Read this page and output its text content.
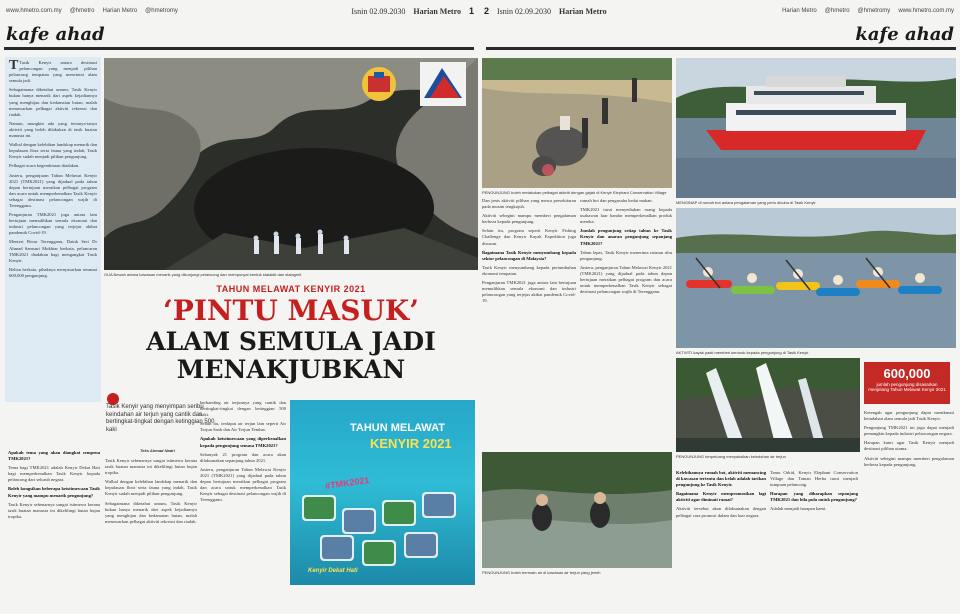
www.hmetro.com.my @hmetro Harian Metro @hmetromy	Isnin 02.09.2030 Harian Metro 1 2 Isnin 02.09.2030 Harian Metro	Harian Metro @hmetro @hmetromy www.hmetro.com.my
kafe ahad	kafe ahad

T Tasik Kenyir antara destinasi pelancongan yang menjadi pilihan pelancong tempatan yang mencintai alam semula jadi.

Sebagaimana diketahui umum, Tasik Kenyir bukan hanya menarik dari aspek kejadiannya yang menghijau dan kedamaian hutan, malah menawarkan pelbagai aktiviti rekreasi dan riadah.

Namun, mungkin ada yang tertanya-tanya aktiviti yang boleh dilakukan di tasik buatan manusia ini.

Walhal dengan kelebihan landskap menarik dan kepulauan flora serta fauna yang indah, Tasik Kenyir sudah menjadi pilihan pengunjung.

Pelbagai acara kegembiraan diadakan.

Justeru, penganjuran Tahun Melawat Kenyir 2021 (TMK2021) yang dijadual pada tahun depan bertujuan meraikan pelbagai program dan acara untuk memperkenalkan Tasik Kenyir sebagai destinasi pelancongan wajib di Terengganu.

Penganjuran TMK2021 juga antara lain bertujuan memulihkan semula ekonomi dan industri pelancongan yang terjejas akibat pandemik Covid-19.

Menteri Besar Terengganu, Datuk Seri Dr Ahmad Samsuri Mokhtar berkata, pelancaran TMK2021 diadakan bagi mengangkat Tasik Kenyir.

Beliau berkata, pihaknya menyasarkan seramai 600,000 pengunjung.

Apakah tema yang akan diangkat sempena TMK2021?

Tema bagi TMK2021 adalah Kenyir Dekat Hati bagi memperkenalkan Tasik Kenyir kepada pelancong dari seluruh negara.

Boleh kongsikan beberapa keistimewaan Tasik Kenyir yang mampu menarik pengunjung?

Tasik Kenyir sebenarnya sangat istimewa kerana tasik buatan manusia ini dikelilingi hutan hujan tropika.

GUA Bewah antara kawasan menarik yang dikunjungi pelancong dan mempunyai bentuk stalaktit dan stalagmit
TAHUN MELAWAT KENYIR 2021
‘PINTU MASUK’
ALAM SEMULA JADI
MENAKJUBKAN
Tasik Kenyir yang menyimpan seribu keindahan air terjun yang cantik dan bertingkat-tingkat dengan ketinggian 500 kaki
Teks Ahmad Nadri

Tasik Kenyir sebenarnya sangat istimewa kerana tasik buatan manusia ini dikelilingi hutan hujan tropika.

Walhal dengan kelebihan landskap menarik dan kepulauan flora serta fauna yang indah, Tasik Kenyir sudah menjadi pilihan pengunjung.

Sebagaimana diketahui umum, Tasik Kenyir bukan hanya menarik dari aspek kejadiannya yang menghijau dan kedamaian hutan, malah menawarkan pelbagai aktiviti rekreasi dan riadah.

berbanding air terjunnya yang cantik dan bertingkat-tingkat dengan ketinggian 500 kaki.

Selain itu, terdapat air terjun lain seperti Air Terjun Saok dan Air Terjun Tembat.

Apakah keistimewaan yang diperkenalkan kepada pengunjung semasa TMK2021?

Sebanyak 21 program dan acara akan dilaksanakan sepanjang tahun 2021.

Justeru, penganjuran Tahun Melawat Kenyir 2021 (TMK2021) yang dijadual pada tahun depan bertujuan meraikan pelbagai program dan acara untuk memperkenalkan Tasik Kenyir sebagai destinasi pelancongan wajib di Terengganu.

TAHUN MELAWAT
KENYIR 2021
#TMK2021
Kenyir Dekat Hati
PENGUNJUNG boleh melakukan pelbagai aktiviti dengan gajah di Kenyir Elephant Conservation Village
MENGINAP di rumah bot antara pengalaman yang perlu dicuba di Tasik Kenyir
AKTIVITI kayak pasti memberi seronok kepada pengunjung di Tasik Kenyir
600,000
jumlah pengunjung disasarkan menjelang Tahun Melawat Kenyir 2021
PENGUNJUNG berpeluang menyaksikan keindahan air terjun
PENGUNJUNG boleh bermain air di kawasan air terjun yang jernih

Dan jenis aktiviti pilihan yang mesra persekitaran pada musim tengkujuh.

Aktiviti sebegini mampu memberi pengalaman berbeza kepada pengunjung.

Selain itu, program seperti Kenyir Fishing Challenge dan Kenyir Kayak Expedition juga disusun.

Bagaimana Tasik Kenyir menyumbang kepada sektor pelancongan di Malaysia?

Tasik Kenyir menyumbang kepada pertumbuhan ekonomi tempatan.

Penganjuran TMK2021 juga antara lain bertujuan memulihkan semula ekonomi dan industri pelancongan yang terjejas akibat pandemik Covid-19.

rumah bot dan pengusaha kedai makan.

TMK2021 turut menyediakan ruang kepada usahawan luar bandar memperkenalkan produk mereka.

Jumlah pengunjung setiap tahun ke Tasik Kenyir dan anaran pengunjung sepanjang TMK2021?

Tahun lepas, Tasik Kenyir menerima ratusan ribu pengunjung.

Justeru, penganjuran Tahun Melawat Kenyir 2021 (TMK2021) yang dijadual pada tahun depan bertujuan meraikan pelbagai program dan acara untuk memperkenalkan Tasik Kenyir sebagai destinasi pelancongan wajib di Terengganu.

Kelebihannya rumah bot, aktiviti memancing di kawasan tertentu dan kelah adalah tarikan pengunjung ke Tasik Kenyir.

Bagaimana Kenyir mempromosikan lagi aktiviti agar diminati ramai?

Aktiviti tersebut akan dilaksanakan dengan pelbagai cara promosi dalam dan luar negara.

Tamu Orkid, Kenyir Elephant Conservation Village dan Taman Herba turut menjadi tumpuan pelancong.

Harapan yang diharapkan sepanjang TMK2021 dan bila pula untuk pengunjung?

Adalah menjadi harapan kami.

Ketengah agar pengunjung dapat menikmati keindahan alam semula jadi Tasik Kenyir.

Pengunjung TMK2021 ini juga dapat menjadi pemangkin kepada industri pelancongan negara.

Harapan kami agar Tasik Kenyir menjadi destinasi pilihan utama.

Aktiviti sebegini mampu memberi pengalaman berbeza kepada pengunjung.
